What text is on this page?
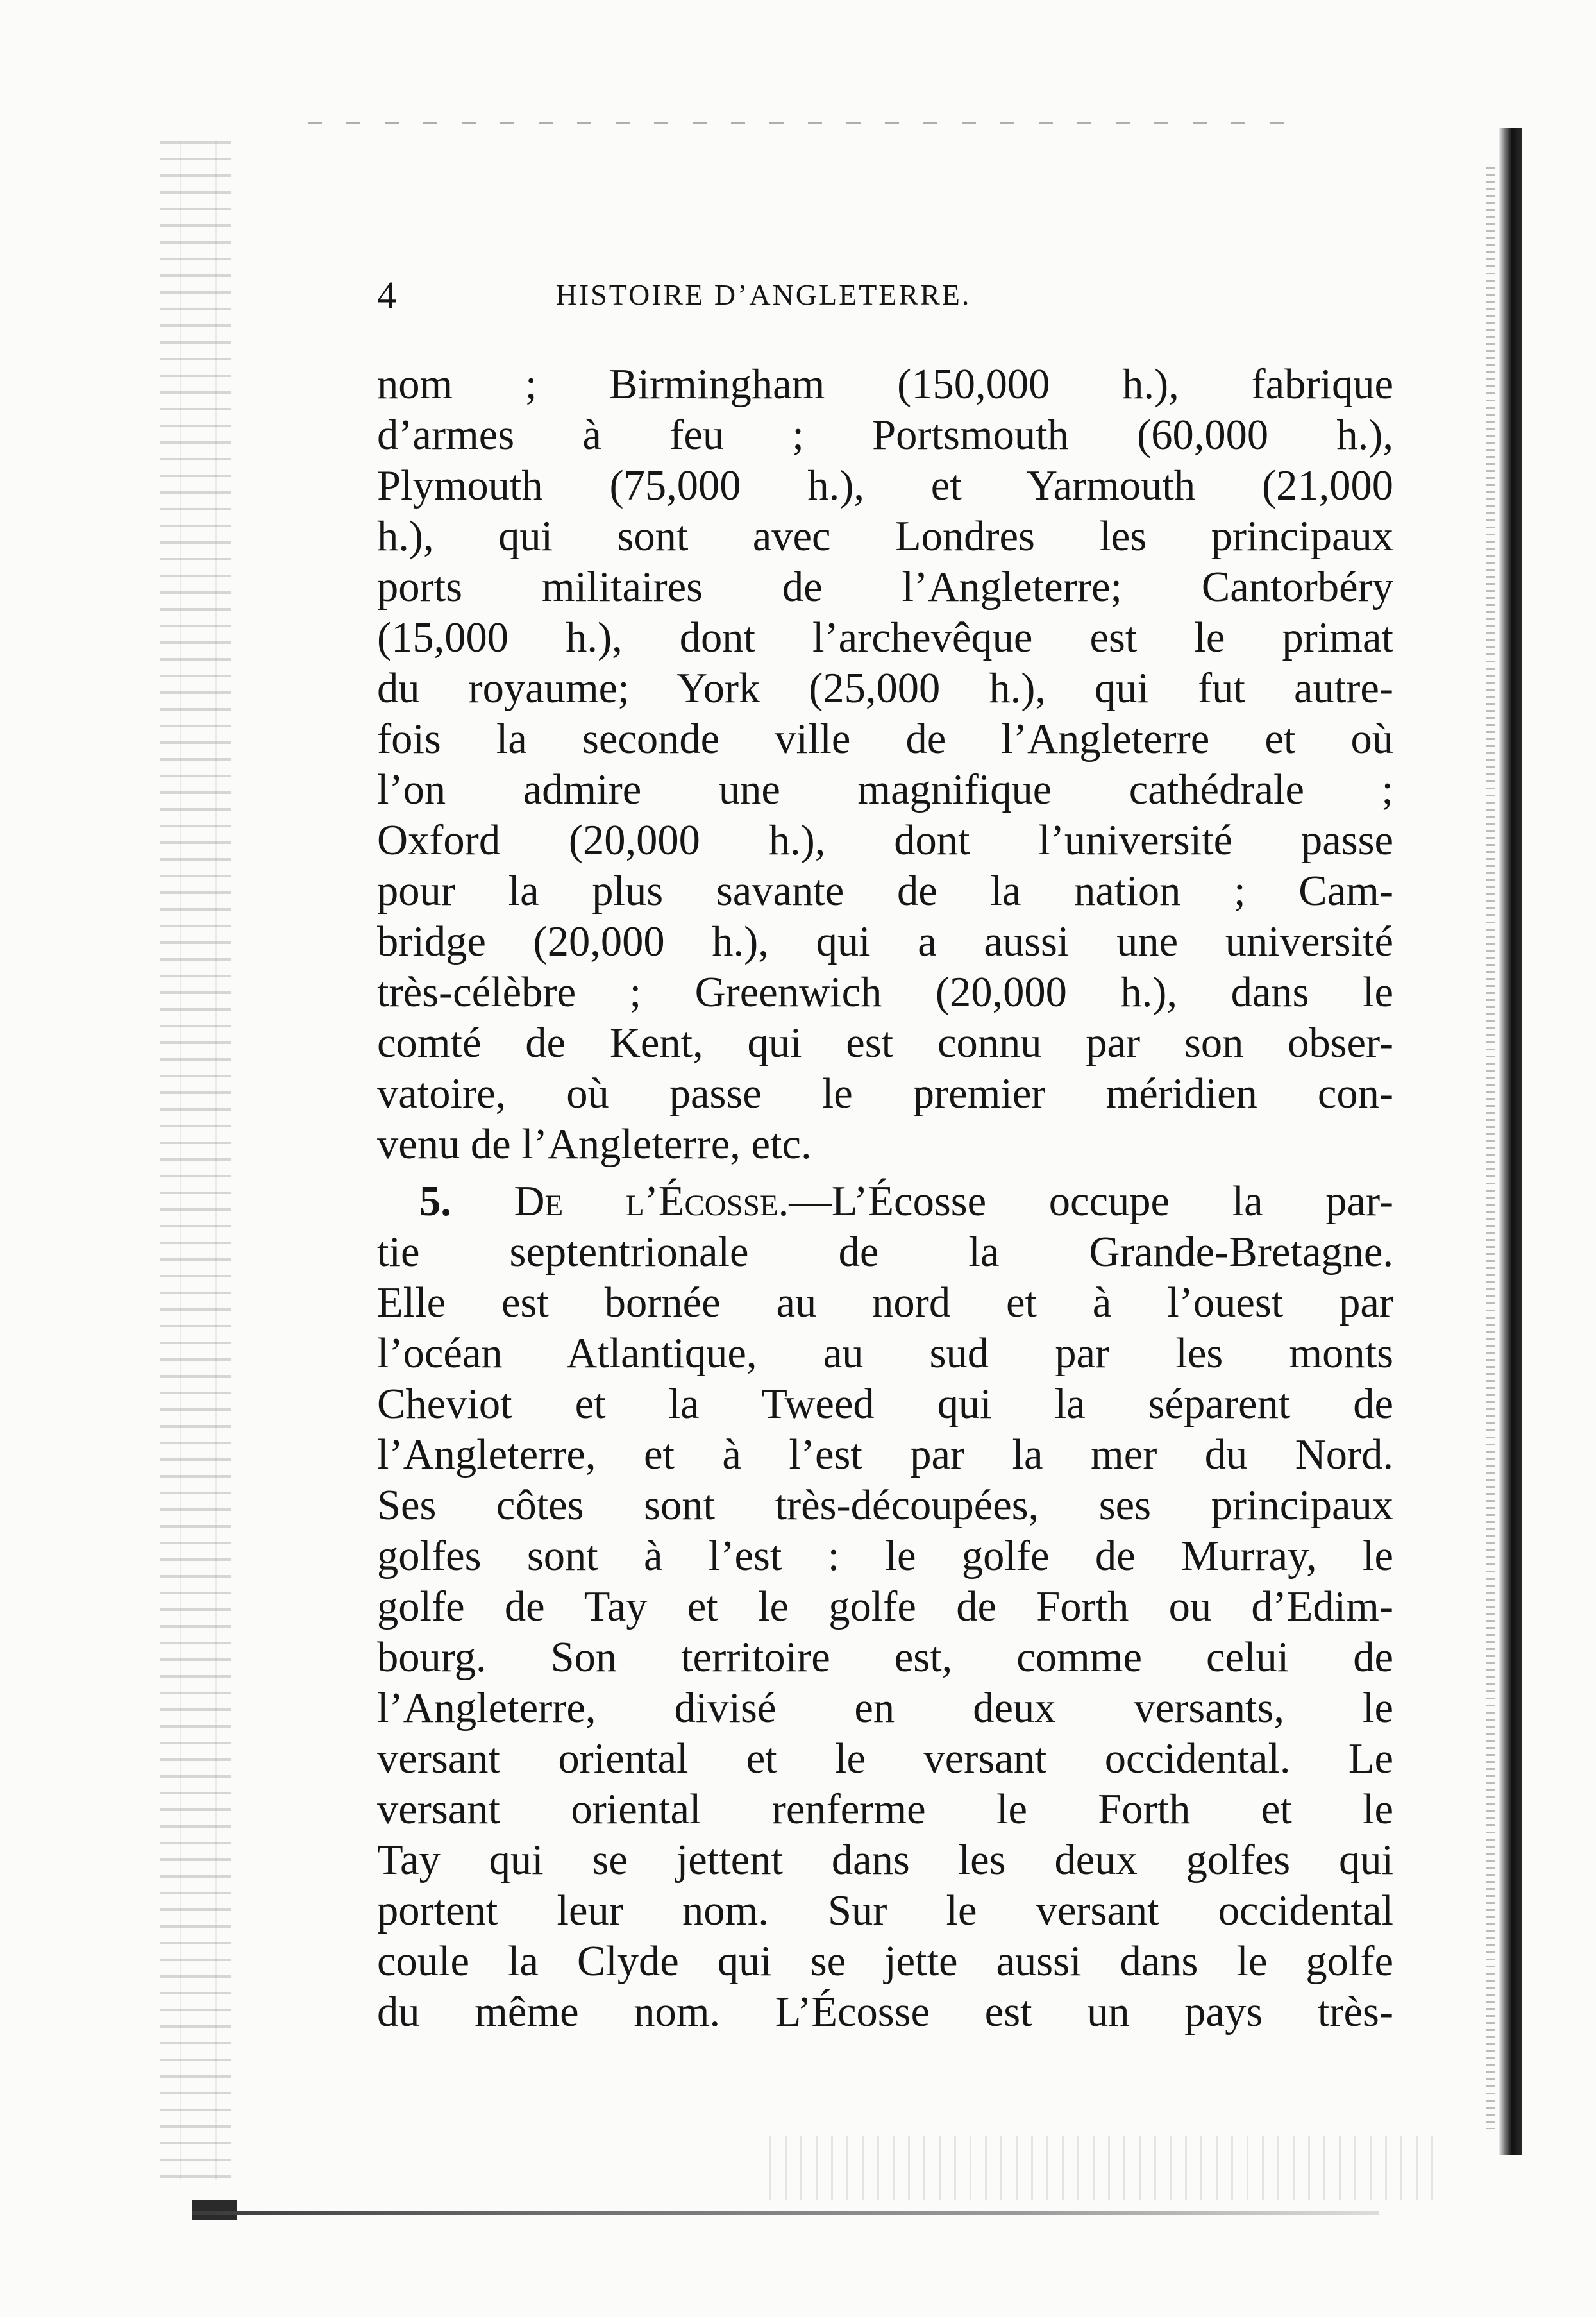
4	HISTOIRE D’ANGLETERRE.

nom ; Birmingham (150,000 h.), fabrique
d’armes à feu ; Portsmouth (60,000 h.),
Plymouth (75,000 h.), et Yarmouth (21,000
h.), qui sont avec Londres les principaux
ports militaires de l’Angleterre; Cantorbéry
(15,000 h.), dont l’archevêque est le primat
du royaume; York (25,000 h.), qui fut autre-
fois la seconde ville de l’Angleterre et où
l’on admire une magnifique cathédrale ;
Oxford (20,000 h.), dont l’université passe
pour la plus savante de la nation ; Cam-
bridge (20,000 h.), qui a aussi une université
très-célèbre ; Greenwich (20,000 h.), dans le
comté de Kent, qui est connu par son obser-
vatoire, où passe le premier méridien con-
venu de l’Angleterre, etc.

5. De l’Écosse.—L’Écosse occupe la par-
tie septentrionale de la Grande-Bretagne.
Elle est bornée au nord et à l’ouest par
l’océan Atlantique, au sud par les monts
Cheviot et la Tweed qui la séparent de
l’Angleterre, et à l’est par la mer du Nord.
Ses côtes sont très-découpées, ses principaux
golfes sont à l’est : le golfe de Murray, le
golfe de Tay et le golfe de Forth ou d’Edim-
bourg. Son territoire est, comme celui de
l’Angleterre, divisé en deux versants, le
versant oriental et le versant occidental. Le
versant oriental renferme le Forth et le
Tay qui se jettent dans les deux golfes qui
portent leur nom. Sur le versant occidental
coule la Clyde qui se jette aussi dans le golfe
du même nom. L’Écosse est un pays très-
